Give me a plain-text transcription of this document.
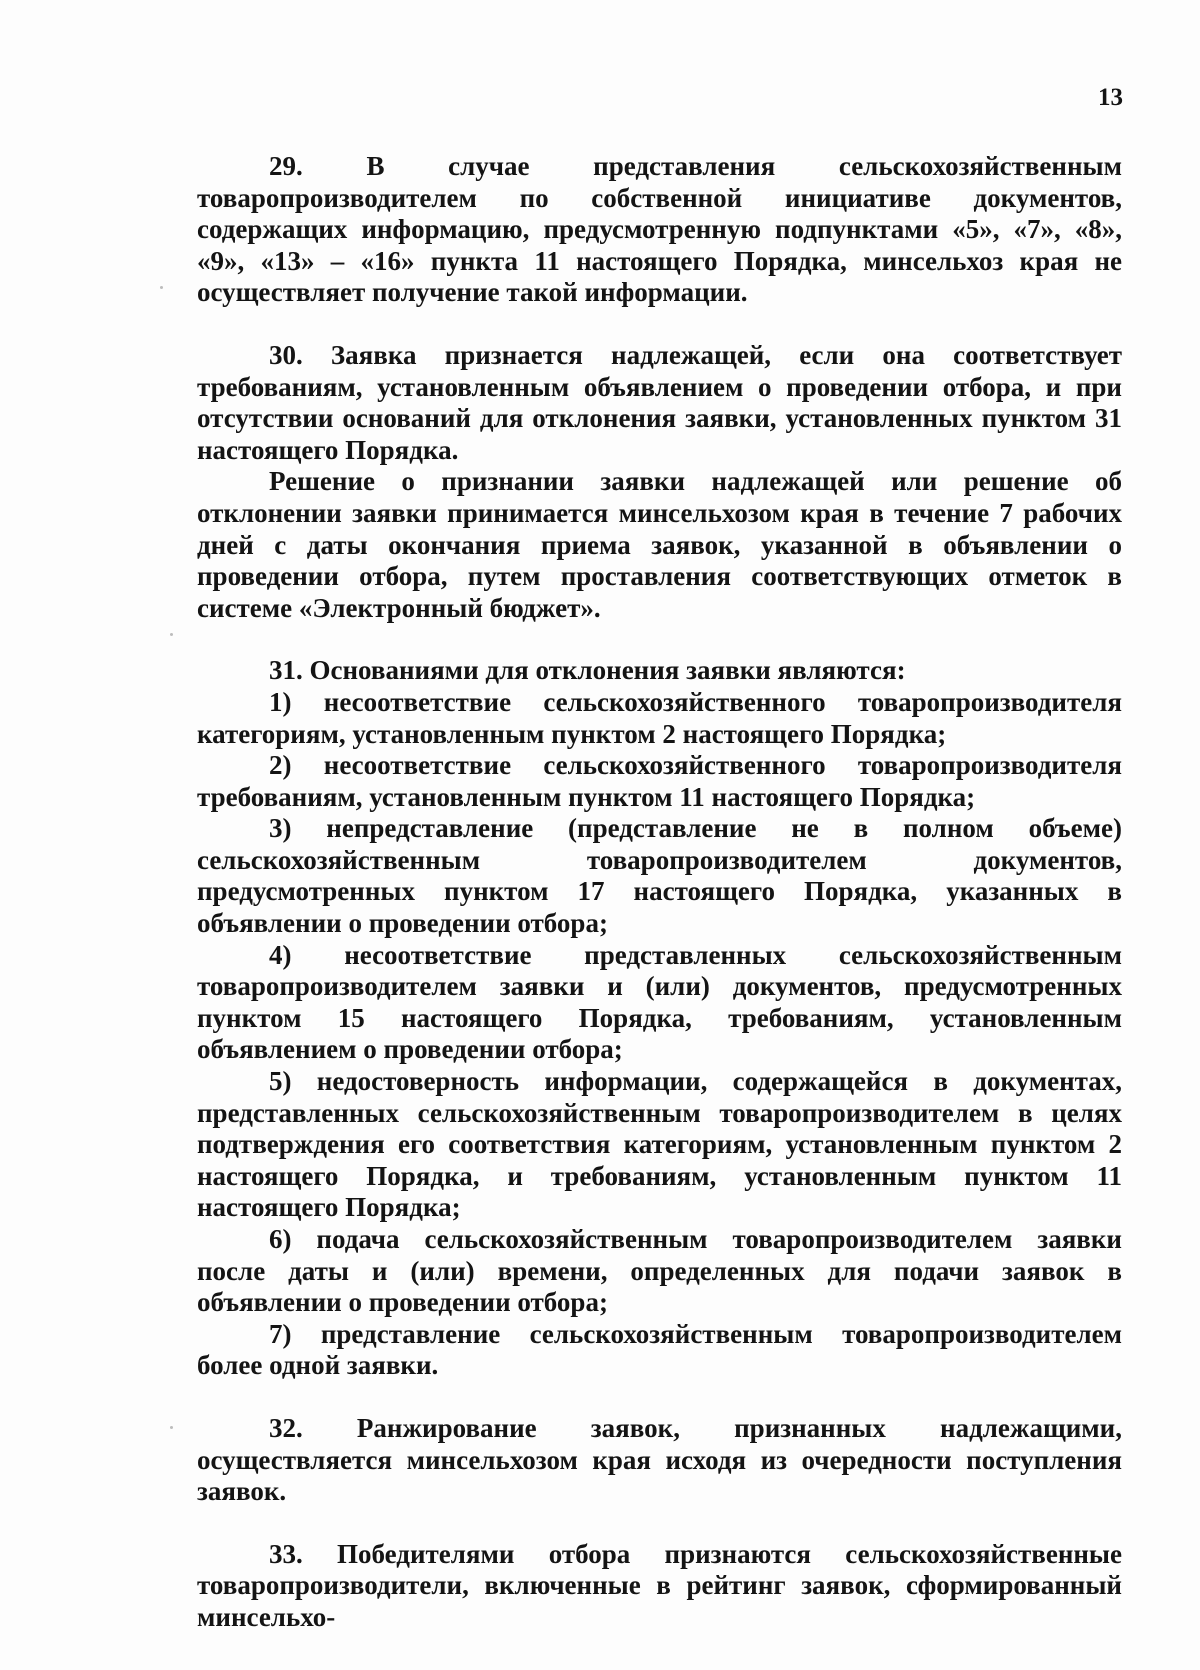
13

29. В случае представления сельскохозяйственным товаропроизводителем по собственной инициативе документов, содержащих информацию, предусмотренную подпунктами «5», «7», «8», «9», «13» – «16» пункта 11 настоящего Порядка, минсельхоз края не осуществляет получение такой информации.

30. Заявка признается надлежащей, если она соответствует требованиям, установленным объявлением о проведении отбора, и при отсутствии оснований для отклонения заявки, установленных пунктом 31 настоящего Порядка.

Решение о признании заявки надлежащей или решение об отклонении заявки принимается минсельхозом края в течение 7 рабочих дней с даты окончания приема заявок, указанной в объявлении о проведении отбора, путем проставления соответствующих отметок в системе «Электронный бюджет».

31. Основаниями для отклонения заявки являются:

1) несоответствие сельскохозяйственного товаропроизводителя категориям, установленным пунктом 2 настоящего Порядка;

2) несоответствие сельскохозяйственного товаропроизводителя требованиям, установленным пунктом 11 настоящего Порядка;

3) непредставление (представление не в полном объеме) сельскохозяйственным товаропроизводителем документов, предусмотренных пунктом 17 настоящего Порядка, указанных в объявлении о проведении отбора;

4) несоответствие представленных сельскохозяйственным товаропроизводителем заявки и (или) документов, предусмотренных пунктом 15 настоящего Порядка, требованиям, установленным объявлением о проведении отбора;

5) недостоверность информации, содержащейся в документах, представленных сельскохозяйственным товаропроизводителем в целях подтверждения его соответствия категориям, установленным пунктом 2 настоящего Порядка, и требованиям, установленным пунктом 11 настоящего Порядка;

6) подача сельскохозяйственным товаропроизводителем заявки после даты и (или) времени, определенных для подачи заявок в объявлении о проведении отбора;

7) представление сельскохозяйственным товаропроизводителем более одной заявки.

32. Ранжирование заявок, признанных надлежащими, осуществляется минсельхозом края исходя из очередности поступления заявок.

33. Победителями отбора признаются сельскохозяйственные товаропроизводители, включенные в рейтинг заявок, сформированный минсельхо-
